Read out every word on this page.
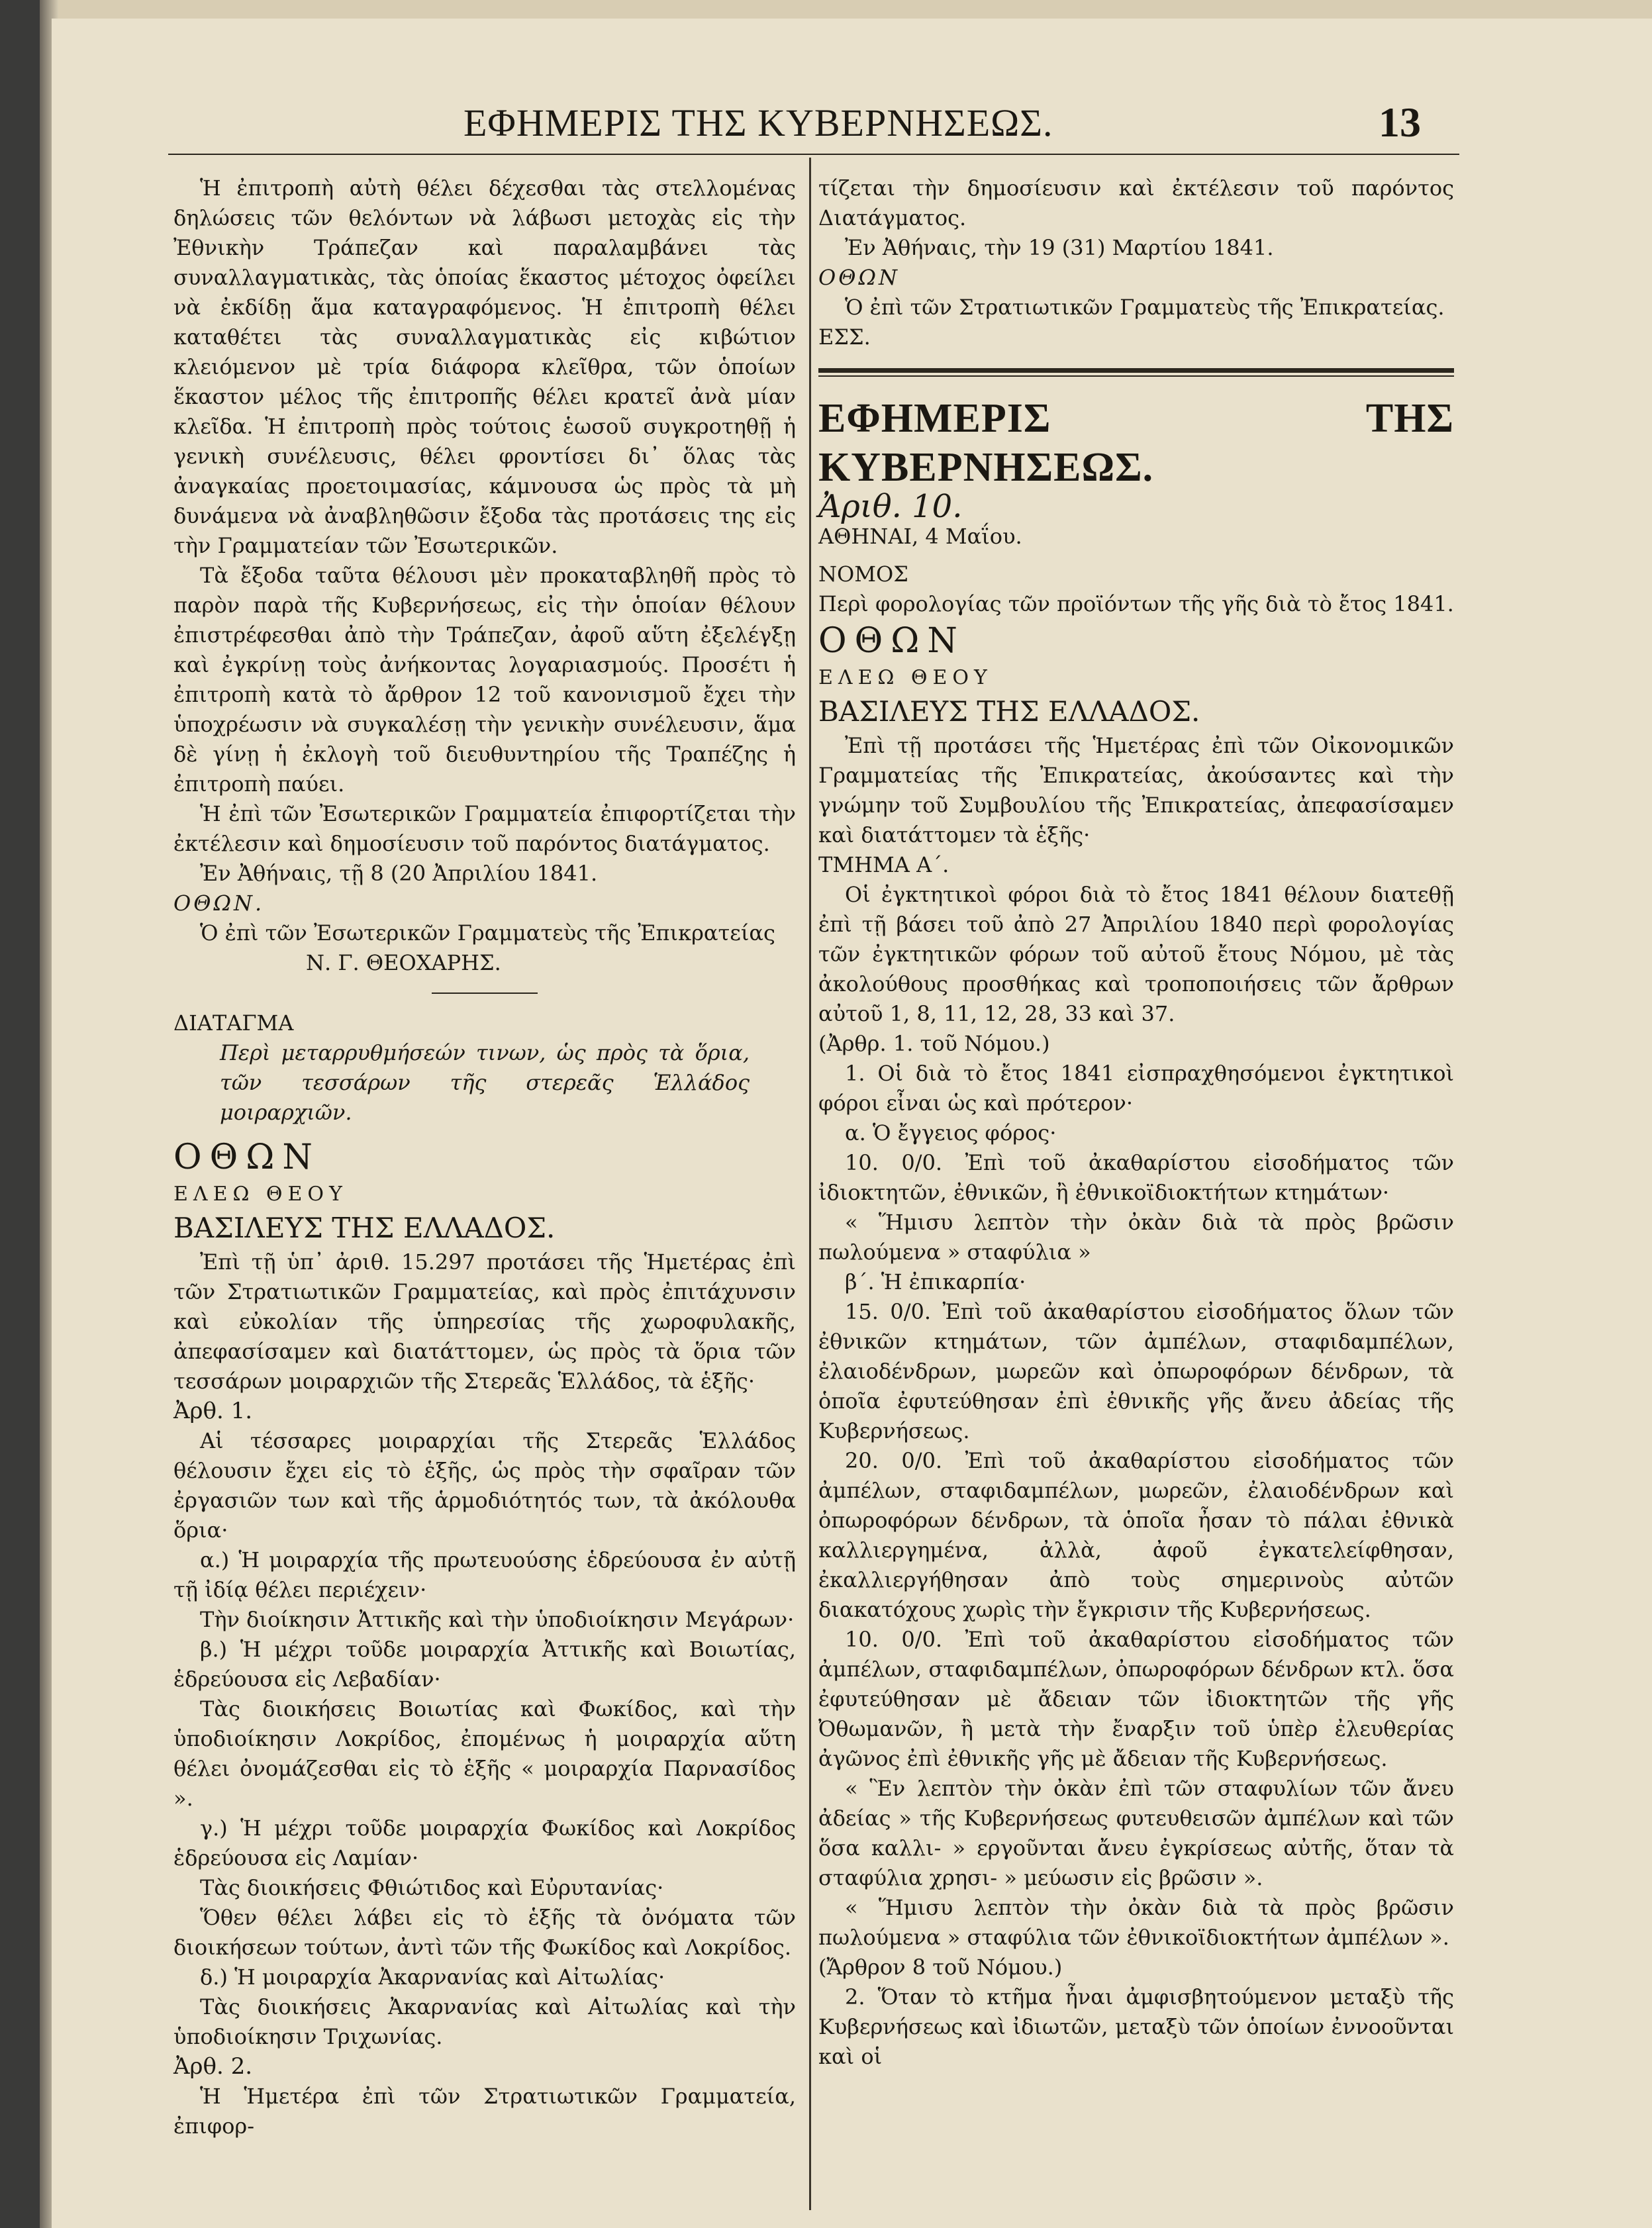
ΕΦΗΜΕΡΙΣ ΤΗΣ ΚΥΒΕΡΝΗΣΕΩΣ.	13

Ἡ ἐπιτροπὴ αὐτὴ θέλει δέχεσθαι τὰς στελλομένας δηλώσεις τῶν θελόντων νὰ λάβωσι μετοχὰς εἰς τὴν Ἐθνικὴν Τράπεζαν καὶ παραλαμβάνει τὰς συναλλαγματικὰς, τὰς ὁποίας ἕκαστος μέτοχος ὀφείλει νὰ ἐκδίδῃ ἅμα καταγραφόμενος. Ἡ ἐπιτροπὴ θέλει καταθέτει τὰς συναλλαγματικὰς εἰς κιβώτιον κλειόμενον μὲ τρία διάφορα κλεῖθρα, τῶν ὁποίων ἕκαστον μέλος τῆς ἐπιτροπῆς θέλει κρατεῖ ἀνὰ μίαν κλεῖδα. Ἡ ἐπιτροπὴ πρὸς τούτοις ἑωσοῦ συγκροτηθῇ ἡ γενικὴ συνέλευσις, θέλει φροντίσει δι᾽ ὅλας τὰς ἀναγκαίας προετοιμασίας, κάμνουσα ὡς πρὸς τὰ μὴ δυνάμενα νὰ ἀναβληθῶσιν ἔξοδα τὰς προτάσεις της εἰς τὴν Γραμματείαν τῶν Ἐσωτερικῶν.

Τὰ ἔξοδα ταῦτα θέλουσι μὲν προκαταβληθῆ πρὸς τὸ παρὸν παρὰ τῆς Κυβερνήσεως, εἰς τὴν ὁποίαν θέλουν ἐπιστρέφεσθαι ἀπὸ τὴν Τράπεζαν, ἀφοῦ αὕτη ἐξελέγξῃ καὶ ἐγκρίνῃ τοὺς ἀνήκοντας λογαριασμούς. Προσέτι ἡ ἐπιτροπὴ κατὰ τὸ ἄρθρον 12 τοῦ κανονισμοῦ ἔχει τὴν ὑποχρέωσιν νὰ συγκαλέσῃ τὴν γενικὴν συνέλευσιν, ἅμα δὲ γίνῃ ἡ ἐκλογὴ τοῦ διευθυντηρίου τῆς Τραπέζης ἡ ἐπιτροπὴ παύει.

Ἡ ἐπὶ τῶν Ἐσωτερικῶν Γραμματεία ἐπιφορτίζεται τὴν ἐκτέλεσιν καὶ δημοσίευσιν τοῦ παρόντος διατάγματος.

Ἐν Ἀθήναις, τῇ 8 (20 Ἀπριλίου 1841.

ΟΘΩΝ.

Ὁ ἐπὶ τῶν Ἐσωτερικῶν Γραμματεὺς τῆς Ἐπικρατείας

Ν. Γ. ΘΕΟΧΑΡΗΣ.

ΔΙΑΤΑΓΜΑ

Περὶ μεταρρυθμήσεών τινων, ὡς πρὸς τὰ ὅρια, τῶν τεσσάρων τῆς στερεᾶς Ἑλλάδος μοιραρχιῶν.

ΟΘΩΝ

ΕΛΕΩ ΘΕΟΥ

ΒΑΣΙΛΕΥΣ ΤΗΣ ΕΛΛΑΔΟΣ.

Ἐπὶ τῇ ὑπ᾽ ἀριθ. 15.297 προτάσει τῆς Ἡμετέρας ἐπὶ τῶν Στρατιωτικῶν Γραμματείας, καὶ πρὸς ἐπιτάχυνσιν καὶ εὐκολίαν τῆς ὑπηρεσίας τῆς χωροφυλακῆς, ἀπεφασίσαμεν καὶ διατάττομεν, ὡς πρὸς τὰ ὅρια τῶν τεσσάρων μοιραρχιῶν τῆς Στερεᾶς Ἑλλάδος, τὰ ἑξῆς·

Ἀρθ. 1.

Αἱ τέσσαρες μοιραρχίαι τῆς Στερεᾶς Ἑλλάδος θέλουσιν ἔχει εἰς τὸ ἑξῆς, ὡς πρὸς τὴν σφαῖραν τῶν ἐργασιῶν των καὶ τῆς ἁρμοδιότητός των, τὰ ἀκόλουθα ὅρια·

α.) Ἡ μοιραρχία τῆς πρωτευούσης ἑδρεύουσα ἐν αὐτῇ τῇ ἰδίᾳ θέλει περιέχειν·

Τὴν διοίκησιν Ἀττικῆς καὶ τὴν ὑποδιοίκησιν Μεγάρων·

β.) Ἡ μέχρι τοῦδε μοιραρχία Ἀττικῆς καὶ Βοιωτίας, ἑδρεύουσα εἰς Λεβαδίαν·

Τὰς διοικήσεις Βοιωτίας καὶ Φωκίδος, καὶ τὴν ὑποδιοίκησιν Λοκρίδος, ἐπομένως ἡ μοιραρχία αὕτη θέλει ὀνομάζεσθαι εἰς τὸ ἑξῆς « μοιραρχία Παρνασίδος ».

γ.) Ἡ μέχρι τοῦδε μοιραρχία Φωκίδος καὶ Λοκρίδος ἑδρεύουσα εἰς Λαμίαν·

Τὰς διοικήσεις Φθιώτιδος καὶ Εὐρυτανίας·

Ὅθεν θέλει λάβει εἰς τὸ ἑξῆς τὰ ὀνόματα τῶν διοικήσεων τούτων, ἀντὶ τῶν τῆς Φωκίδος καὶ Λοκρίδος.

δ.) Ἡ μοιραρχία Ἀκαρνανίας καὶ Αἰτωλίας·

Τὰς διοικήσεις Ἀκαρνανίας καὶ Αἰτωλίας καὶ τὴν ὑποδιοίκησιν Τριχωνίας.

Ἀρθ. 2.

Ἡ Ἡμετέρα ἐπὶ τῶν Στρατιωτικῶν Γραμματεία, ἐπιφορ-

τίζεται τὴν δημοσίευσιν καὶ ἐκτέλεσιν τοῦ παρόντος Διατάγματος.

Ἐν Ἀθήναις, τὴν 19 (31) Μαρτίου 1841.

ΟΘΩΝ

Ὁ ἐπὶ τῶν Στρατιωτικῶν Γραμματεὺς τῆς Ἐπικρατείας.

ΕΣΣ.

ΕΦΗΜΕΡΙΣ ΤΗΣ ΚΥΒΕΡΝΗΣΕΩΣ.

Ἀριθ. 10.

ΑΘΗΝΑΙ, 4 Μαΐου.

ΝΟΜΟΣ

Περὶ φορολογίας τῶν προϊόντων τῆς γῆς διὰ τὸ ἔτος 1841.

ΟΘΩΝ

ΕΛΕΩ ΘΕΟΥ

ΒΑΣΙΛΕΥΣ ΤΗΣ ΕΛΛΑΔΟΣ.

Ἐπὶ τῇ προτάσει τῆς Ἡμετέρας ἐπὶ τῶν Οἰκονομικῶν Γραμματείας τῆς Ἐπικρατείας, ἀκούσαντες καὶ τὴν γνώμην τοῦ Συμβουλίου τῆς Ἐπικρατείας, ἀπεφασίσαμεν καὶ διατάττομεν τὰ ἑξῆς·

ΤΜΗΜΑ Α΄.

Οἱ ἐγκτητικοὶ φόροι διὰ τὸ ἔτος 1841 θέλουν διατεθῇ ἐπὶ τῇ βάσει τοῦ ἀπὸ 27 Ἀπριλίου 1840 περὶ φορολογίας τῶν ἐγκτητικῶν φόρων τοῦ αὐτοῦ ἔτους Νόμου, μὲ τὰς ἀκολούθους προσθήκας καὶ τροποποιήσεις τῶν ἄρθρων αὐτοῦ 1, 8, 11, 12, 28, 33 καὶ 37.

(Ἀρθρ. 1. τοῦ Νόμου.)

1. Οἱ διὰ τὸ ἔτος 1841 εἰσπραχθησόμενοι ἐγκτητικοὶ φόροι εἶναι ὡς καὶ πρότερον·

α. Ὁ ἔγγειος φόρος·

10. 0/0. Ἐπὶ τοῦ ἀκαθαρίστου εἰσοδήματος τῶν ἰδιοκτητῶν, ἐθνικῶν, ἢ ἐθνικοϊδιοκτήτων κτημάτων·

« Ἥμισυ λεπτὸν τὴν ὀκὰν διὰ τὰ πρὸς βρῶσιν πωλούμενα » σταφύλια »

β΄. Ἡ ἐπικαρπία·

15. 0/0. Ἐπὶ τοῦ ἀκαθαρίστου εἰσοδήματος ὅλων τῶν ἐθνικῶν κτημάτων, τῶν ἀμπέλων, σταφιδαμπέλων, ἐλαιοδένδρων, μωρεῶν καὶ ὀπωροφόρων δένδρων, τὰ ὁποῖα ἐφυτεύθησαν ἐπὶ ἐθνικῆς γῆς ἄνευ ἀδείας τῆς Κυβερνήσεως.

20. 0/0. Ἐπὶ τοῦ ἀκαθαρίστου εἰσοδήματος τῶν ἀμπέλων, σταφιδαμπέλων, μωρεῶν, ἐλαιοδένδρων καὶ ὀπωροφόρων δένδρων, τὰ ὁποῖα ἦσαν τὸ πάλαι ἐθνικὰ καλλιεργημένα, ἀλλὰ, ἀφοῦ ἐγκατελείφθησαν, ἐκαλλιεργήθησαν ἀπὸ τοὺς σημερινοὺς αὐτῶν διακατόχους χωρὶς τὴν ἔγκρισιν τῆς Κυβερνήσεως.

10. 0/0. Ἐπὶ τοῦ ἀκαθαρίστου εἰσοδήματος τῶν ἀμπέλων, σταφιδαμπέλων, ὀπωροφόρων δένδρων κτλ. ὅσα ἐφυτεύθησαν μὲ ἄδειαν τῶν ἰδιοκτητῶν τῆς γῆς Ὀθωμανῶν, ἢ μετὰ τὴν ἔναρξιν τοῦ ὑπὲρ ἐλευθερίας ἀγῶνος ἐπὶ ἐθνικῆς γῆς μὲ ἄδειαν τῆς Κυβερνήσεως.

« Ἓν λεπτὸν τὴν ὀκὰν ἐπὶ τῶν σταφυλίων τῶν ἄνευ ἀδείας » τῆς Κυβερνήσεως φυτευθεισῶν ἀμπέλων καὶ τῶν ὅσα καλλι- » εργοῦνται ἄνευ ἐγκρίσεως αὐτῆς, ὅταν τὰ σταφύλια χρησι- » μεύωσιν εἰς βρῶσιν ».

« Ἥμισυ λεπτὸν τὴν ὀκὰν διὰ τὰ πρὸς βρῶσιν πωλούμενα » σταφύλια τῶν ἐθνικοϊδιοκτήτων ἀμπέλων ».

(Ἄρθρον 8 τοῦ Νόμου.)

2. Ὅταν τὸ κτῆμα ἦναι ἀμφισβητούμενον μεταξὺ τῆς Κυβερνήσεως καὶ ἰδιωτῶν, μεταξὺ τῶν ὁποίων ἐννοοῦνται καὶ οἱ
